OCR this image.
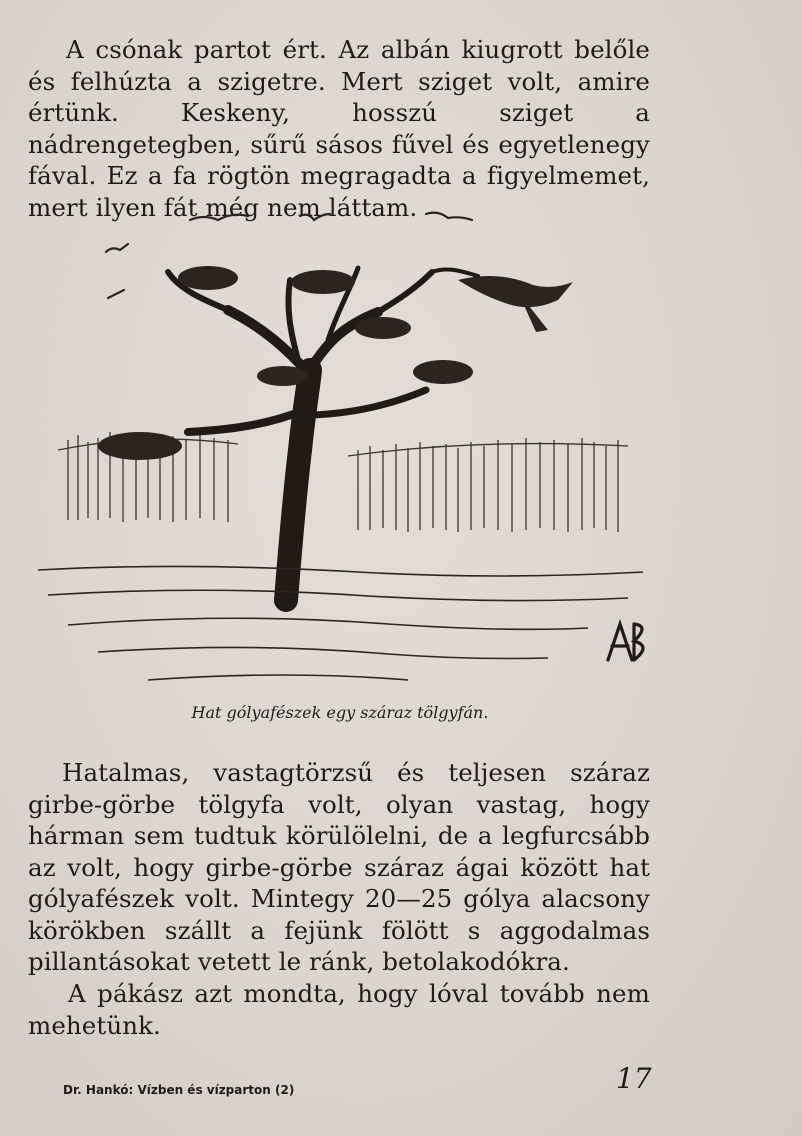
A csónak partot ért. Az albán kiugrott belőle és felhúzta a szigetre. Mert sziget volt, amire értünk. Keskeny, hosszú sziget a nádrengetegben, sűrű sásos fűvel és egyetlenegy fával. Ez a fa rögtön megragadta a figyelmemet, mert ilyen fát még nem láttam.

Hat gólyafészek egy száraz tölgyfán.

Hatalmas, vastagtörzsű és teljesen száraz girbe-görbe tölgyfa volt, olyan vastag, hogy hárman sem tudtuk körülölelni, de a legfurcsább az volt, hogy girbe-görbe száraz ágai között hat gólyafészek volt. Mintegy 20—25 gólya alacsony körökben szállt a fejünk fölött s aggodalmas pillantásokat vetett le ránk, betolakodókra.

A pákász azt mondta, hogy lóval tovább nem mehetünk.

Dr. Hankó: Vízben és vízparton (2)	17
